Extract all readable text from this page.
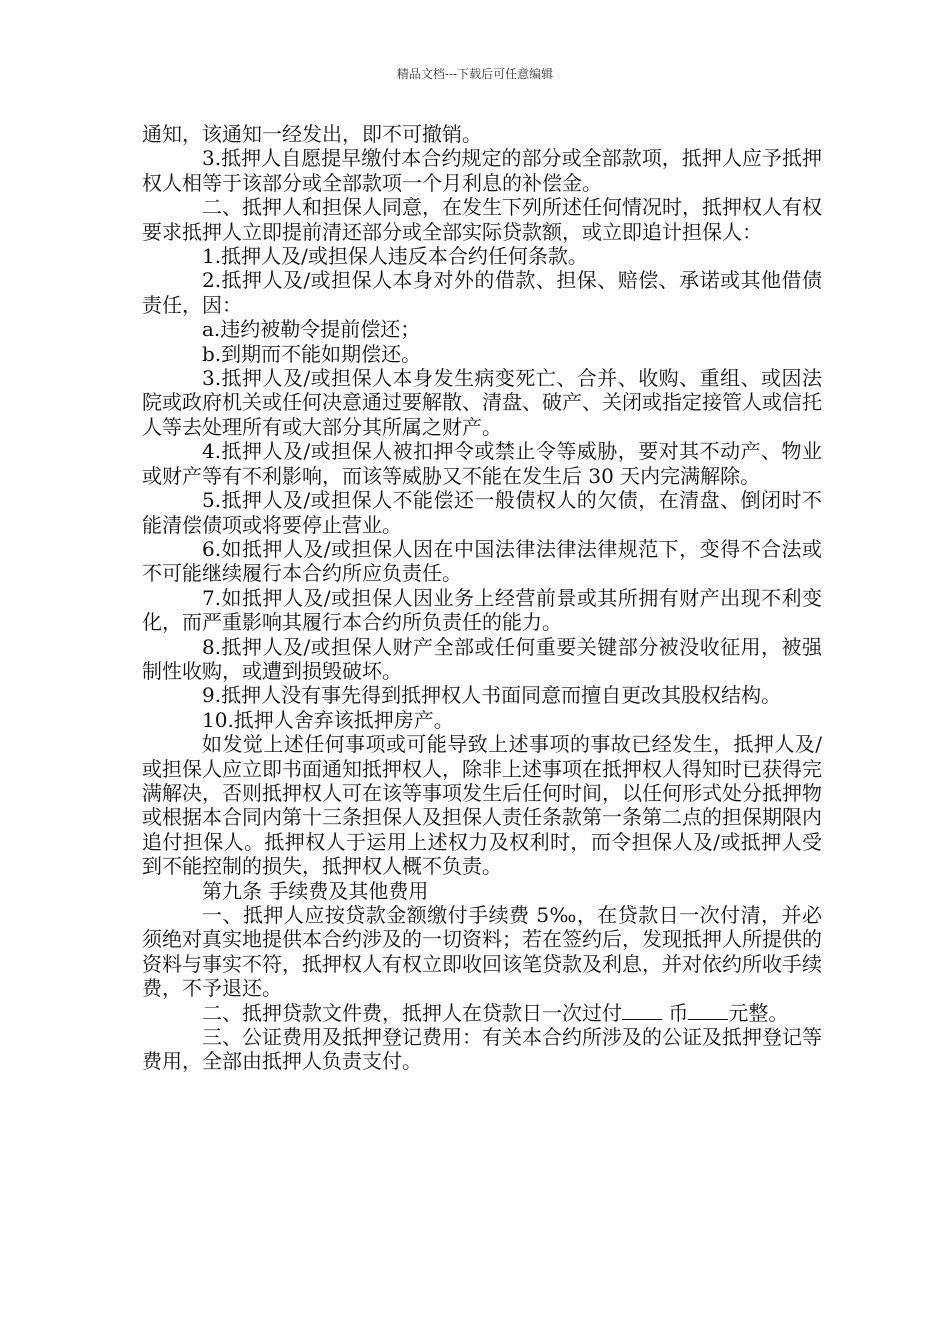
精品文档---下载后可任意编辑

通知，该通知一经发出，即不可撤销。

3.抵押人自愿提早缴付本合约规定的部分或全部款项，抵押人应予抵押权人相等于该部分或全部款项一个月利息的补偿金。

二、抵押人和担保人同意，在发生下列所述任何情况时，抵押权人有权要求抵押人立即提前清还部分或全部实际贷款额，或立即追计担保人：

1.抵押人及/或担保人违反本合约任何条款。

2.抵押人及/或担保人本身对外的借款、担保、赔偿、承诺或其他借债责任，因：

a.违约被勒令提前偿还；

b.到期而不能如期偿还。

3.抵押人及/或担保人本身发生病变死亡、合并、收购、重组、或因法院或政府机关或任何决意通过要解散、清盘、破产、关闭或指定接管人或信托人等去处理所有或大部分其所属之财产。

4.抵押人及/或担保人被扣押令或禁止令等威胁，要对其不动产、物业或财产等有不利影响，而该等威胁又不能在发生后 30 天内完满解除。

5.抵押人及/或担保人不能偿还一般债权人的欠债，在清盘、倒闭时不能清偿债项或将要停止营业。

6.如抵押人及/或担保人因在中国法律法律法律规范下，变得不合法或不可能继续履行本合约所应负责任。

7.如抵押人及/或担保人因业务上经营前景或其所拥有财产出现不利变化，而严重影响其履行本合约所负责任的能力。

8.抵押人及/或担保人财产全部或任何重要关键部分被没收征用，被强制性收购，或遭到损毁破坏。

9.抵押人没有事先得到抵押权人书面同意而擅自更改其股权结构。

10.抵押人舍弃该抵押房产。

如发觉上述任何事项或可能导致上述事项的事故已经发生，抵押人及/或担保人应立即书面通知抵押权人，除非上述事项在抵押权人得知时已获得完满解决，否则抵押权人可在该等事项发生后任何时间，以任何形式处分抵押物或根据本合同内第十三条担保人及担保人责任条款第一条第二点的担保期限内追付担保人。抵押权人于运用上述权力及权利时，而令担保人及/或抵押人受到不能控制的损失，抵押权人概不负责。

第九条 手续费及其他费用

一、抵押人应按贷款金额缴付手续费 5‰，在贷款日一次付清，并必须绝对真实地提供本合约涉及的一切资料；若在签约后，发现抵押人所提供的资料与事实不符，抵押权人有权立即收回该笔贷款及利息，并对依约所收手续费，不予退还。

二、抵押贷款文件费，抵押人在贷款日一次过付 币 元整。

三、公证费用及抵押登记费用：有关本合约所涉及的公证及抵押登记等费用，全部由抵押人负责支付。
